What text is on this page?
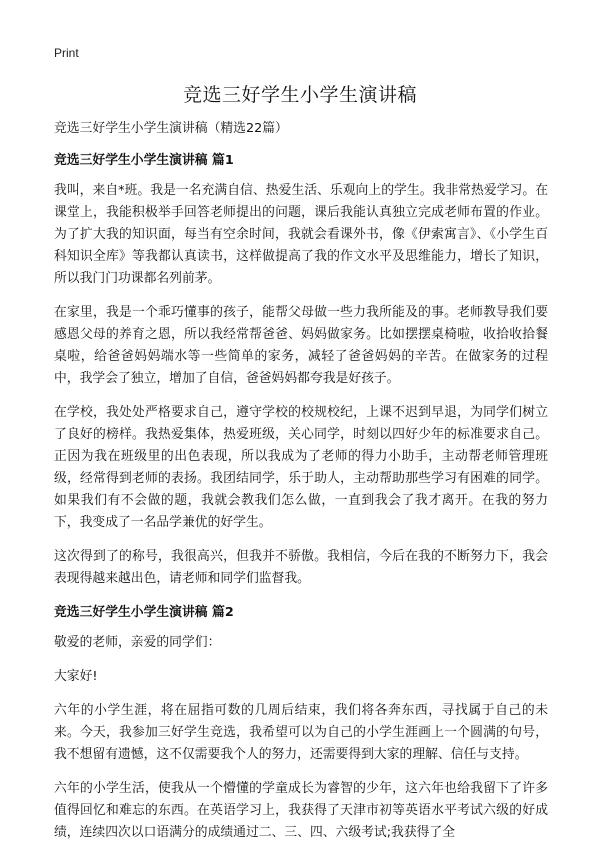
Print
竞选三好学生小学生演讲稿

竞选三好学生小学生演讲稿（精选22篇）

竞选三好学生小学生演讲稿 篇1

我叫，来自*班。我是一名充满自信、热爱生活、乐观向上的学生。我非常热爱学习。在课堂上，我能积极举手回答老师提出的问题，课后我能认真独立完成老师布置的作业。为了扩大我的知识面，每当有空余时间，我就会看课外书，像《伊索寓言》、《小学生百科知识全库》等我都认真读书，这样做提高了我的作文水平及思维能力，增长了知识，所以我门门功课都名列前茅。

在家里，我是一个乖巧懂事的孩子，能帮父母做一些力我所能及的事。老师教导我们要感恩父母的养育之恩，所以我经常帮爸爸、妈妈做家务。比如摆摆桌椅啦，收拾收拾餐桌啦，给爸爸妈妈端水等一些简单的家务，减轻了爸爸妈妈的辛苦。在做家务的过程中，我学会了独立，增加了自信，爸爸妈妈都夸我是好孩子。

在学校，我处处严格要求自己，遵守学校的校规校纪，上课不迟到早退，为同学们树立了良好的榜样。我热爱集体，热爱班级，关心同学，时刻以四好少年的标准要求自己。正因为我在班级里的出色表现，所以我成为了老师的得力小助手，主动帮老师管理班级，经常得到老师的表扬。我团结同学，乐于助人，主动帮助那些学习有困难的同学。如果我们有不会做的题，我就会教我们怎么做，一直到我会了我才离开。在我的努力下，我变成了一名品学兼优的好学生。

这次得到了的称号，我很高兴，但我并不骄傲。我相信，今后在我的不断努力下，我会表现得越来越出色，请老师和同学们监督我。

竞选三好学生小学生演讲稿 篇2

敬爱的老师，亲爱的同学们：

大家好!

六年的小学生涯，将在屈指可数的几周后结束，我们将各奔东西，寻找属于自己的未来。今天，我参加三好学生竞选，我希望可以为自己的小学生涯画上一个圆满的句号，我不想留有遗憾，这不仅需要我个人的努力，还需要得到大家的理解、信任与支持。

六年的小学生活，使我从一个懵懂的学童成长为睿智的少年，这六年也给我留下了许多值得回忆和难忘的东西。在英语学习上，我获得了天津市初等英语水平考试六级的好成绩，连续四次以口语满分的成绩通过二、三、四、六级考试;我获得了全
